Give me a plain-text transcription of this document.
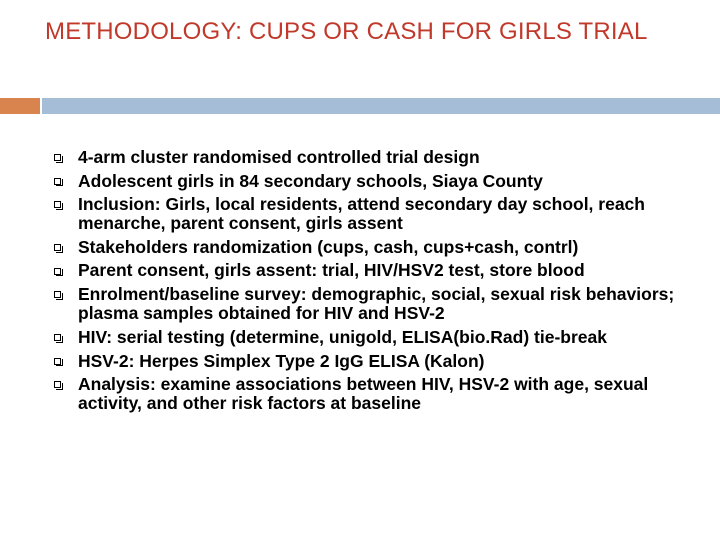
METHODOLOGY: CUPS OR CASH FOR GIRLS TRIAL
4-arm cluster randomised controlled trial design
Adolescent girls in 84 secondary schools, Siaya County
Inclusion: Girls, local residents, attend secondary day school, reach menarche, parent consent, girls assent
Stakeholders randomization (cups, cash, cups+cash, contrl)
Parent consent, girls assent: trial, HIV/HSV2 test, store blood
Enrolment/baseline survey: demographic, social, sexual risk behaviors; plasma samples obtained for HIV and HSV-2
HIV: serial testing (determine, unigold, ELISA(bio.Rad) tie-break
HSV-2: Herpes Simplex Type 2 IgG ELISA (Kalon)
Analysis: examine associations between HIV, HSV-2 with age, sexual activity, and other risk factors at baseline
